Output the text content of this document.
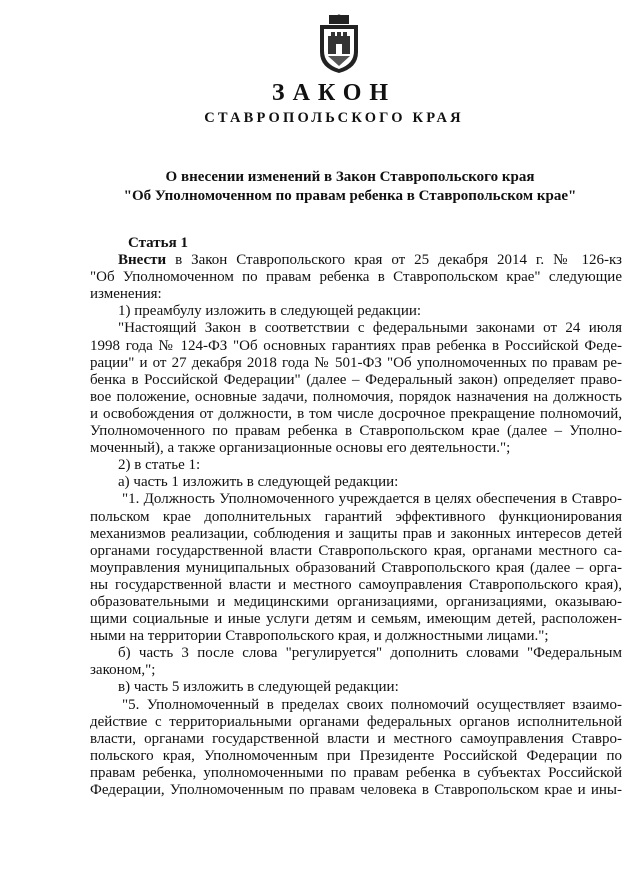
ЗАКОН
СТАВРОПОЛЬСКОГО КРАЯ
О внесении изменений в Закон Ставропольского края
"Об Уполномоченном по правам ребенка в Ставропольском крае"
Статья 1
Внести в Закон Ставропольского края от 25 декабря 2014 г. № 126-кз
"Об Уполномоченном по правам ребенка в Ставропольском крае" следующие
изменения:
1) преамбулу изложить в следующей редакции:
"Настоящий Закон в соответствии с федеральными законами от 24 июля
1998 года № 124-ФЗ "Об основных гарантиях прав ребенка в Российской Феде-
рации" и от 27 декабря 2018 года № 501-ФЗ "Об уполномоченных по правам ре-
бенка в Российской Федерации" (далее – Федеральный закон) определяет право-
вое положение, основные задачи, полномочия, порядок назначения на должность
и освобождения от должности, в том числе досрочное прекращение полномочий,
Уполномоченного по правам ребенка в Ставропольском крае (далее – Уполно-
моченный), а также организационные основы его деятельности.";
2) в статье 1:
а) часть 1 изложить в следующей редакции:
"1. Должность Уполномоченного учреждается в целях обеспечения в Ставро-
польском крае дополнительных гарантий эффективного функционирования
механизмов реализации, соблюдения и защиты прав и законных интересов детей
органами государственной власти Ставропольского края, органами местного са-
моуправления муниципальных образований Ставропольского края (далее – орга-
ны государственной власти и местного самоуправления Ставропольского края),
образовательными и медицинскими организациями, организациями, оказываю-
щими социальные и иные услуги детям и семьям, имеющим детей, расположен-
ными на территории Ставропольского края, и должностными лицами.";
б) часть 3 после слова "регулируется" дополнить словами "Федеральным
законом,";
в) часть 5 изложить в следующей редакции:
"5. Уполномоченный в пределах своих полномочий осуществляет взаимо-
действие с территориальными органами федеральных органов исполнительной
власти, органами государственной власти и местного самоуправления Ставро-
польского края, Уполномоченным при Президенте Российской Федерации по
правам ребенка, уполномоченными по правам ребенка в субъектах Российской
Федерации, Уполномоченным по правам человека в Ставропольском крае и ины-
